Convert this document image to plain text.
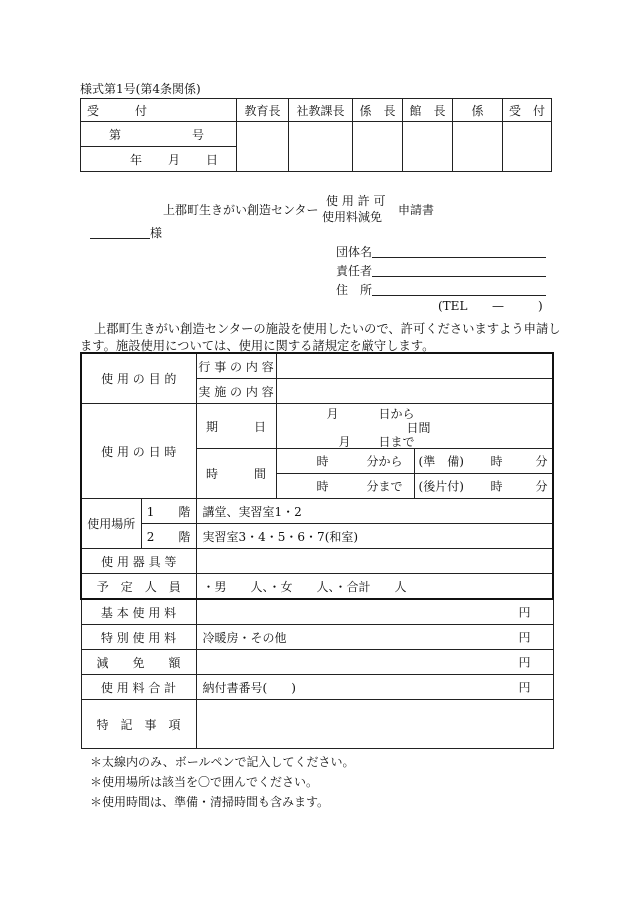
様式第1号(第4条関係)
受　　　付	教育長	社教課長	係　長	館　長	係	受　付

第 号						

年 月 日						
上郡町生きがい創造センター
使 用 許 可
使用料減免 申請書
様
団体名
責任者
住　所
(TEL —	)
上郡町生きがい創造センターの施設を使用したいので、許可くださいますよう申請し
ます。施設使用については、使用に関する諸規定を厳守します。
使 用 の 目 的		行 事 の 内 容		
		実 施 の 内 容		
使 用 の 日 時		期　　　日	月 日から
日間
月 日まで	

		時　　　間	時 分から	(準　備) 時 分

			時 分まで	(後片付) 時 分

使用場所	1　　階	講堂、実習室1・2		
	2　　階	実習室3・4・5・6・7(和室)		
使 用 器 具 等				
予　定　人　員		・男　　人、・女　　人、・合計　　人		
基 本 使 用 料		円		

特 別 使 用 料		冷暖房・その他 円		

減　　免　　額		円		

使 用 料 合 計		納付書番号(　　) 円		

特　記　事　項				
＊太線内のみ、ボールペンで記入してください。
＊使用場所は該当を〇で囲んでください。
＊使用時間は、準備・清掃時間も含みます。
